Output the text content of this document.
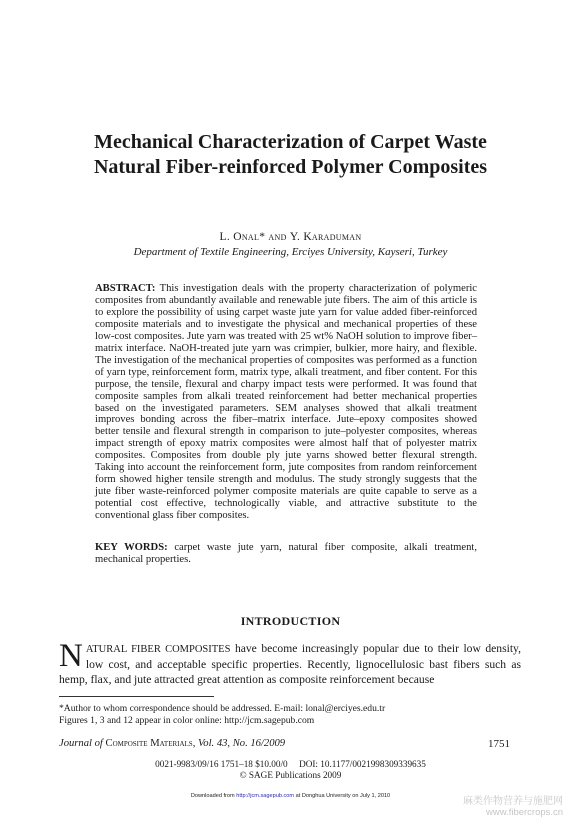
Mechanical Characterization of Carpet Waste Natural Fiber-reinforced Polymer Composites
L. Onal* and Y. Karaduman
Department of Textile Engineering, Erciyes University, Kayseri, Turkey
ABSTRACT: This investigation deals with the property characterization of polymeric composites from abundantly available and renewable jute fibers. The aim of this article is to explore the possibility of using carpet waste jute yarn for value added fiber-reinforced composite materials and to investigate the physical and mechanical properties of these low-cost composites. Jute yarn was treated with 25 wt% NaOH solution to improve fiber–matrix interface. NaOH-treated jute yarn was crimpier, bulkier, more hairy, and flexible. The investigation of the mechanical properties of composites was performed as a function of yarn type, reinforcement form, matrix type, alkali treatment, and fiber content. For this purpose, the tensile, flexural and charpy impact tests were performed. It was found that composite samples from alkali treated reinforcement had better mechanical properties based on the investigated parameters. SEM analyses showed that alkali treatment improves bonding across the fiber–matrix interface. Jute–epoxy composites showed better tensile and flexural strength in comparison to jute–polyester composites, whereas impact strength of epoxy matrix composites were almost half that of polyester matrix composites. Composites from double ply jute yarns showed better flexural strength. Taking into account the reinforcement form, jute composites from random reinforcement form showed higher tensile strength and modulus. The study strongly suggests that the jute fiber waste-reinforced polymer composite materials are quite capable to serve as a potential cost effective, technologically viable, and attractive substitute to the conventional glass fiber composites.
KEY WORDS: carpet waste jute yarn, natural fiber composite, alkali treatment, mechanical properties.
INTRODUCTION
NATURAL FIBER COMPOSITES have become increasingly popular due to their low density, low cost, and acceptable specific properties. Recently, lignocellulosic bast fibers such as hemp, flax, and jute attracted great attention as composite reinforcement because
*Author to whom correspondence should be addressed. E-mail: lonal@erciyes.edu.tr
Figures 1, 3 and 12 appear in color online: http://jcm.sagepub.com
Journal of Composite Materials, Vol. 43, No. 16/2009	1751
0021-9983/09/16 1751–18 $10.00/0     DOI: 10.1177/0021998309339635
© SAGE Publications 2009
Downloaded from http://jcm.sagepub.com at Donghua University on July 1, 2010	麻类作物营养与施肥网
www.fibercrops.cn
